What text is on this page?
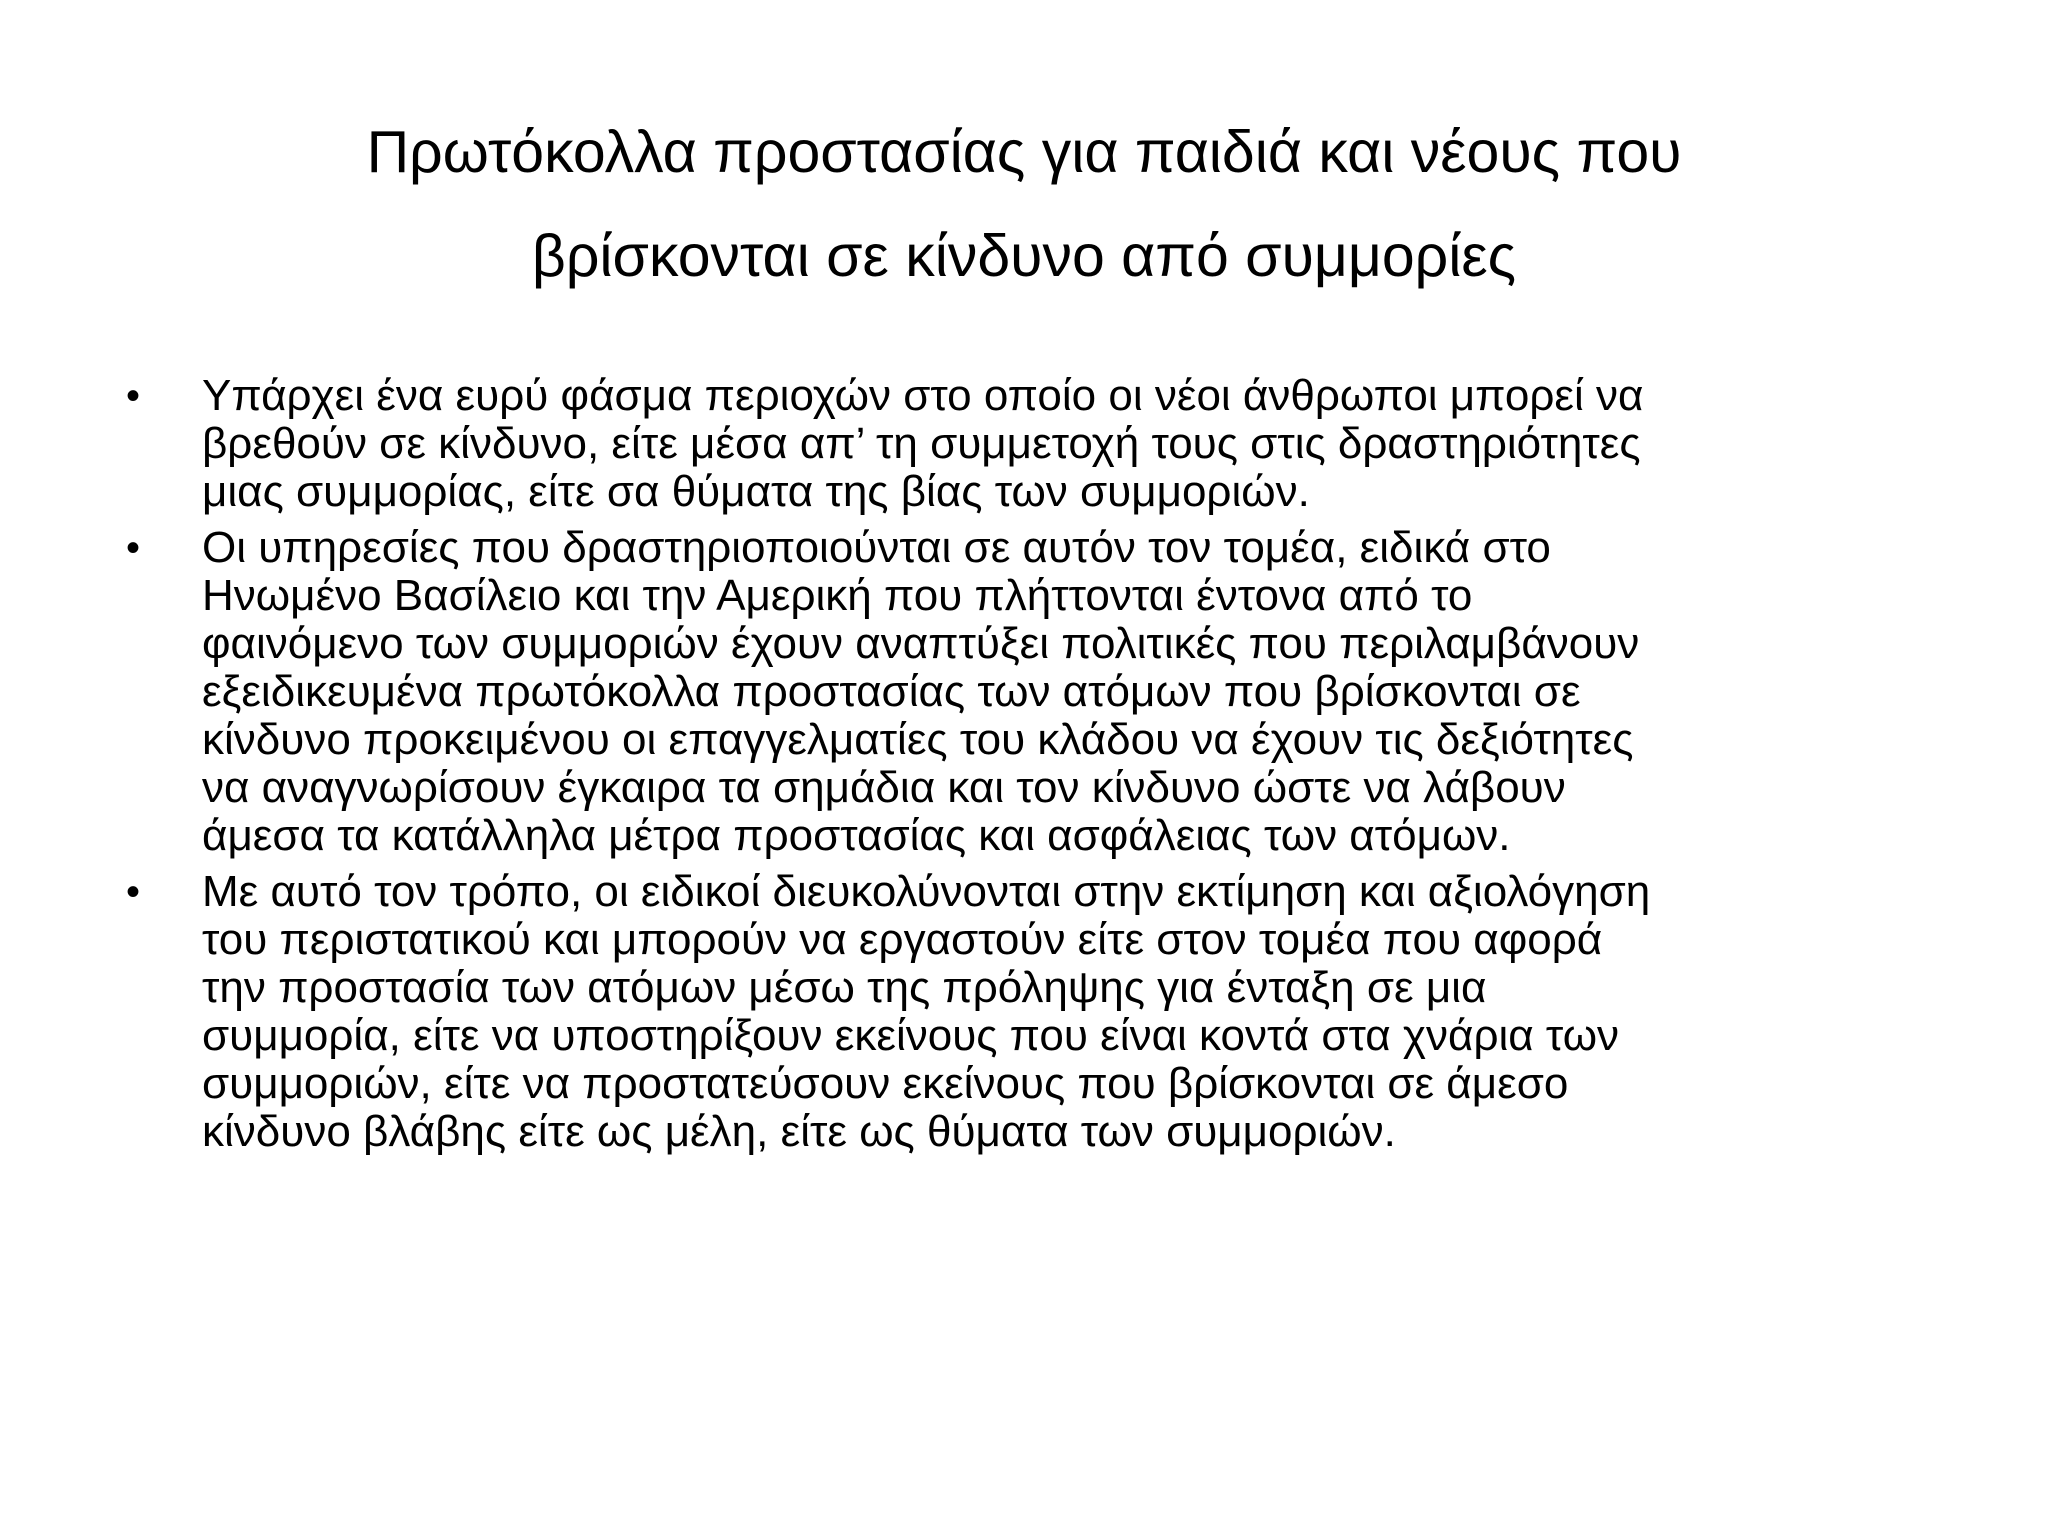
Πρωτόκολλα προστασίας για παιδιά και νέους που
βρίσκονται σε κίνδυνο από συμμορίες
• Υπάρχει ένα ευρύ φάσμα περιοχών στο οποίο οι νέοι άνθρωποι μπορεί να
βρεθούν σε κίνδυνο, είτε μέσα απ’ τη συμμετοχή τους στις δραστηριότητες
μιας συμμορίας, είτε σα θύματα της βίας των συμμοριών.
• Οι υπηρεσίες που δραστηριοποιούνται σε αυτόν τον τομέα, ειδικά στο
Ηνωμένο Βασίλειο και την Αμερική που πλήττονται έντονα από το
φαινόμενο των συμμοριών έχουν αναπτύξει πολιτικές που περιλαμβάνουν
εξειδικευμένα πρωτόκολλα προστασίας των ατόμων που βρίσκονται σε
κίνδυνο προκειμένου οι επαγγελματίες του κλάδου να έχουν τις δεξιότητες
να αναγνωρίσουν έγκαιρα τα σημάδια και τον κίνδυνο ώστε να λάβουν
άμεσα τα κατάλληλα μέτρα προστασίας και ασφάλειας των ατόμων.
• Με αυτό τον τρόπο, οι ειδικοί διευκολύνονται στην εκτίμηση και αξιολόγηση
του περιστατικού και μπορούν να εργαστούν είτε στον τομέα που αφορά
την προστασία των ατόμων μέσω της πρόληψης για ένταξη σε μια
συμμορία, είτε να υποστηρίξουν εκείνους που είναι κοντά στα χνάρια των
συμμοριών, είτε να προστατεύσουν εκείνους που βρίσκονται σε άμεσο
κίνδυνο βλάβης είτε ως μέλη, είτε ως θύματα των συμμοριών.
